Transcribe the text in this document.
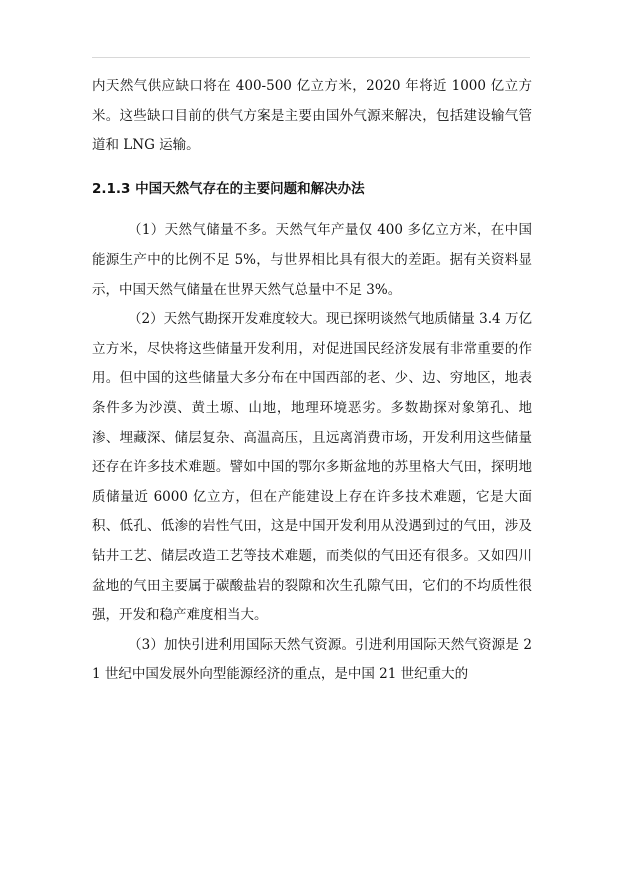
内天然气供应缺口将在 400-500 亿立方米，2020 年将近 1000 亿立方米。这些缺口目前的供气方案是主要由国外气源来解决，包括建设输气管道和 LNG 运输。

2.1.3 中国天然气存在的主要问题和解决办法

（1）天然气储量不多。天然气年产量仅 400 多亿立方米，在中国能源生产中的比例不足 5%，与世界相比具有很大的差距。据有关资料显示，中国天然气储量在世界天然气总量中不足 3%。

（2）天然气勘探开发难度较大。现已探明谈然气地质储量 3.4 万亿立方米，尽快将这些储量开发利用，对促进国民经济发展有非常重要的作用。但中国的这些储量大多分布在中国西部的老、少、边、穷地区，地表条件多为沙漠、黄土塬、山地，地理环境恶劣。多数勘探对象第孔、地渗、埋藏深、储层复杂、高温高压，且远离消费市场，开发利用这些储量还存在许多技术难题。譬如中国的鄂尔多斯盆地的苏里格大气田，探明地质储量近 6000 亿立方，但在产能建设上存在许多技术难题，它是大面积、低孔、低渗的岩性气田，这是中国开发利用从没遇到过的气田，涉及钻井工艺、储层改造工艺等技术难题，而类似的气田还有很多。又如四川盆地的气田主要属于碳酸盐岩的裂隙和次生孔隙气田，它们的不均质性很强，开发和稳产难度相当大。

（3）加快引进利用国际天然气资源。引进利用国际天然气资源是 21 世纪中国发展外向型能源经济的重点，是中国 21 世纪重大的
